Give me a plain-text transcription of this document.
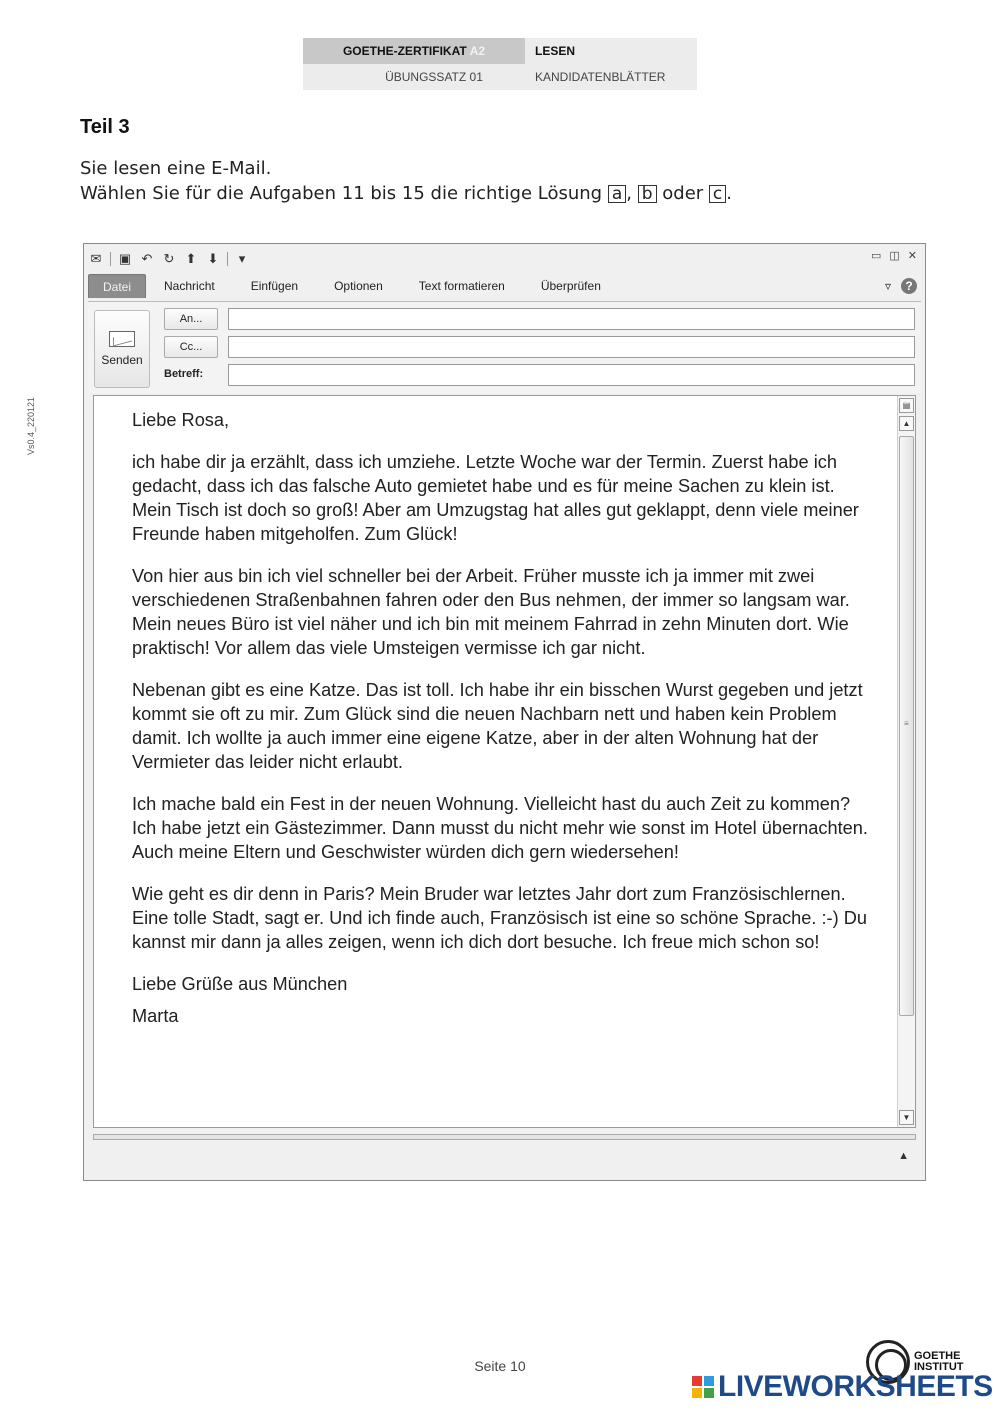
GOETHE-ZERTIFIKAT A2	LESEN
ÜBUNGSSATZ 01	KANDIDATENBLÄTTER
Vs0.4_220121
Teil 3
Sie lesen eine E-Mail.
Wählen Sie für die Aufgaben 11 bis 15 die richtige Lösung a , b oder c .
✉ ▣ ↶ ↻ ⬆ ⬇	▾	▭ ◫ ✕
Datei	Nachricht	Einfügen	Optionen	Text formatieren	Überprüfen	▿	?
Senden
An...
Cc...
Betreff:

Liebe Rosa,

ich habe dir ja erzählt, dass ich umziehe. Letzte Woche war der Termin. Zuerst habe ich gedacht, dass ich das falsche Auto gemietet habe und es für meine Sachen zu klein ist. Mein Tisch ist doch so groß! Aber am Umzugstag hat alles gut geklappt, denn viele meiner Freunde haben mitgeholfen. Zum Glück!

Von hier aus bin ich viel schneller bei der Arbeit. Früher musste ich ja immer mit zwei verschiedenen Straßenbahnen fahren oder den Bus nehmen, der immer so langsam war. Mein neues Büro ist viel näher und ich bin mit meinem Fahrrad in zehn Minuten dort. Wie praktisch! Vor allem das viele Umsteigen vermisse ich gar nicht.

Nebenan gibt es eine Katze. Das ist toll. Ich habe ihr ein bisschen Wurst gegeben und jetzt kommt sie oft zu mir. Zum Glück sind die neuen Nachbarn nett und haben kein Problem damit. Ich wollte ja auch immer eine eigene Katze, aber in der alten Wohnung hat der Vermieter das leider nicht erlaubt.

Ich mache bald ein Fest in der neuen Wohnung. Vielleicht hast du auch Zeit zu kommen? Ich habe jetzt ein Gästezimmer. Dann musst du nicht mehr wie sonst im Hotel übernachten. Auch meine Eltern und Geschwister würden dich gern wiedersehen!

Wie geht es dir denn in Paris? Mein Bruder war letztes Jahr dort zum Französischlernen. Eine tolle Stadt, sagt er. Und ich finde auch, Französisch ist eine so schöne Sprache. :-) Du kannst mir dann ja alles zeigen, wenn ich dich dort besuche. Ich freue mich schon so!

Liebe Grüße aus München

Marta

▤
▲
≡
▼
▲
Seite 10
GOETHE
INSTITUT
LIVEWORKSHEETS
